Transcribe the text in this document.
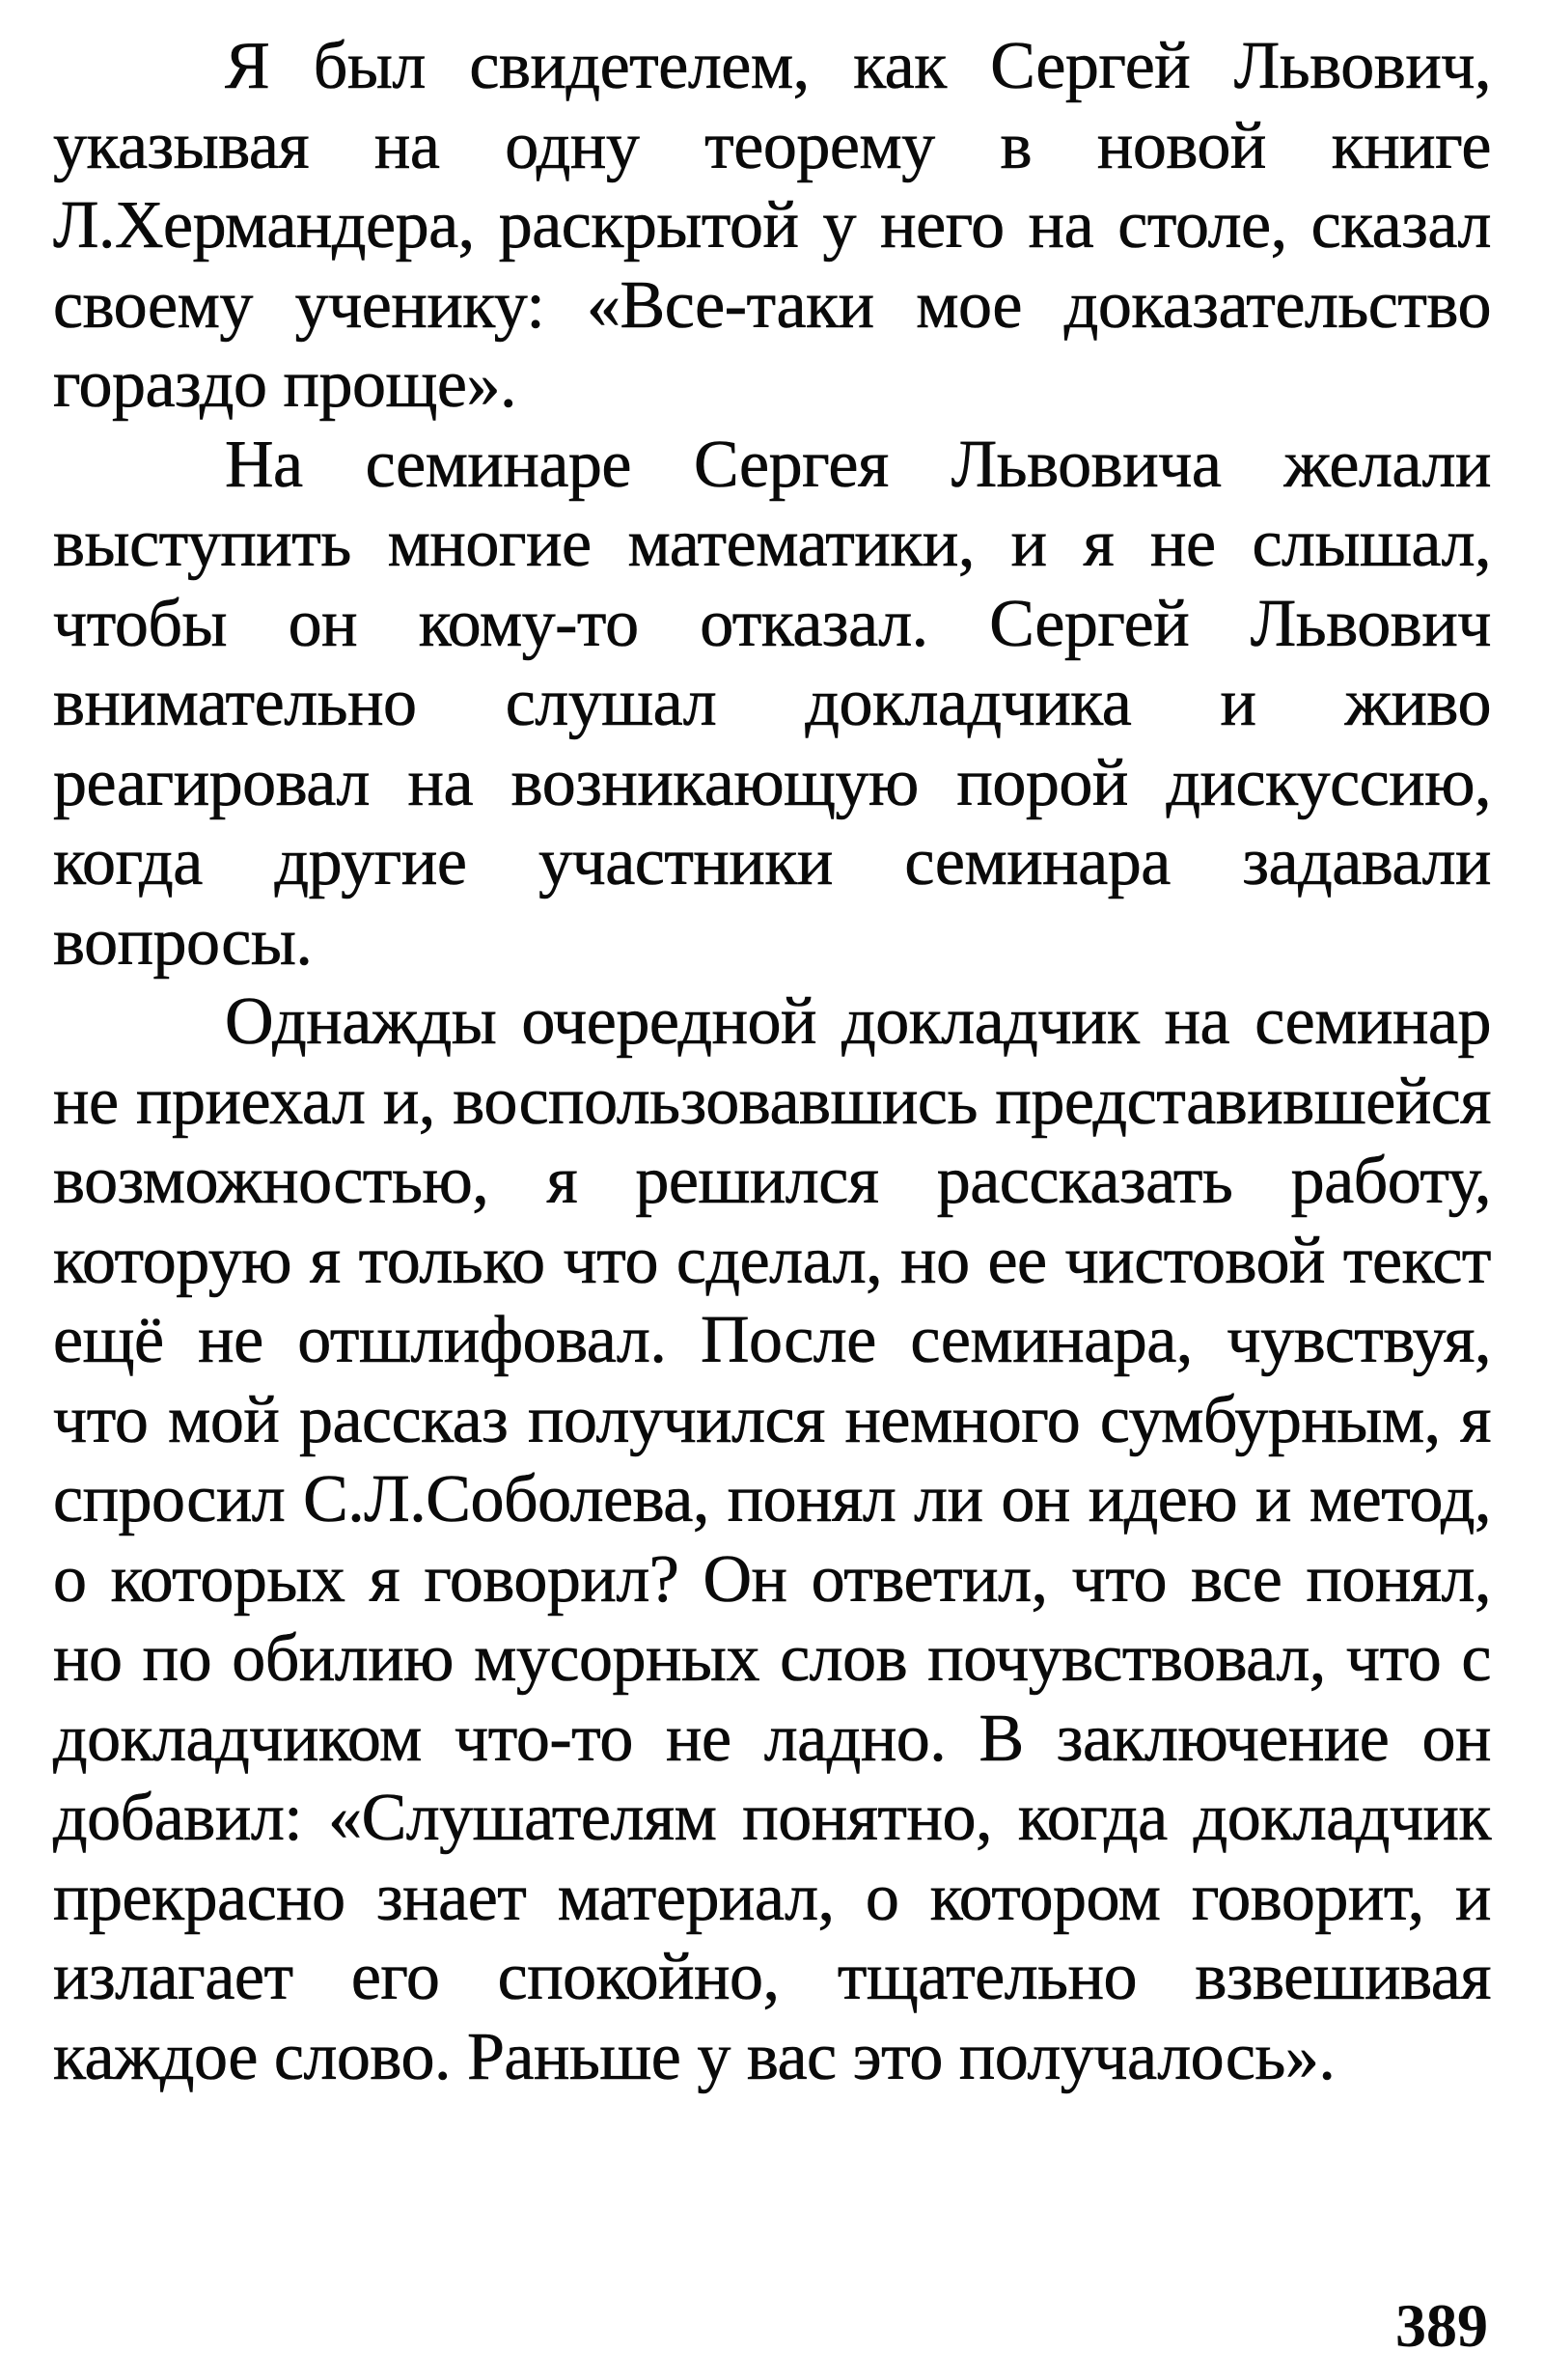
Я был свидетелем, как Сергей Львович, указывая на одну теорему в новой книге Л.Хермандера, раскрытой у него на столе, сказал своему ученику: «Все-таки мое доказательство гораздо проще».

На семинаре Сергея Львовича желали выступить многие математики, и я не слышал, чтобы он кому-то отказал. Сергей Львович внимательно слушал докладчика и живо реагировал на возникающую порой дискуссию, когда другие участники семинара задавали вопросы.

Однажды очередной докладчик на семинар не приехал и, воспользовавшись представившейся возможностью, я решился рассказать работу, которую я только что сделал, но ее чистовой текст  ещё не отшлифовал. После семинара, чувствуя, что мой рассказ получился немного сумбурным, я спросил С.Л.Соболева, понял ли он идею и метод, о которых я говорил? Он ответил, что все понял, но по обилию мусорных слов почувствовал, что с докладчиком что-то не ладно. В заключение он добавил: «Слушателям понятно, когда докладчик прекрасно знает материал, о котором говорит, и излагает его спокойно, тщательно взвешивая каждое слово. Раньше у вас это получалось».

389
